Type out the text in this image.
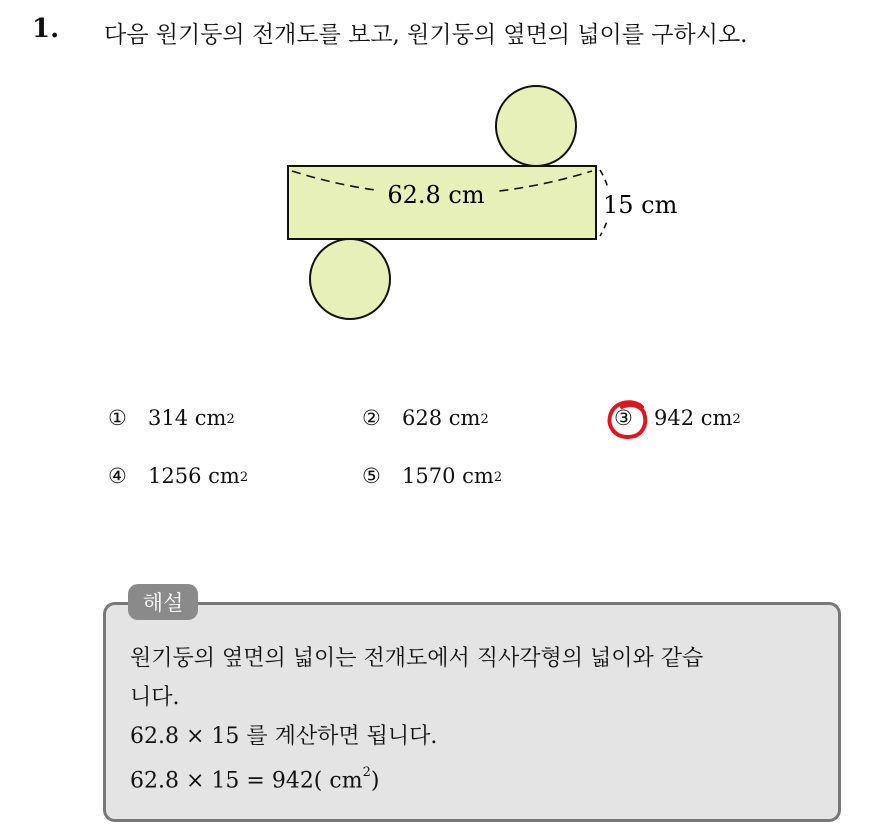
1. 다음 원기둥의 전개도를 보고, 원기둥의 옆면의 넓이를 구하시오.
62.8 cm	15 cm
①	314
$cm^2$	②	628
$cm^2$	③	942
$cm^2$
④	1256
$cm^2$	⑤	1570
$cm^2$
원기둥의 옆면의 넓이는 전개도에서 직사각형의 넓이와 같습
니다.
62.8 × 15 를 계산하면 됩니다.
62.8 × 15 = 942( $cm^2$)
해설
